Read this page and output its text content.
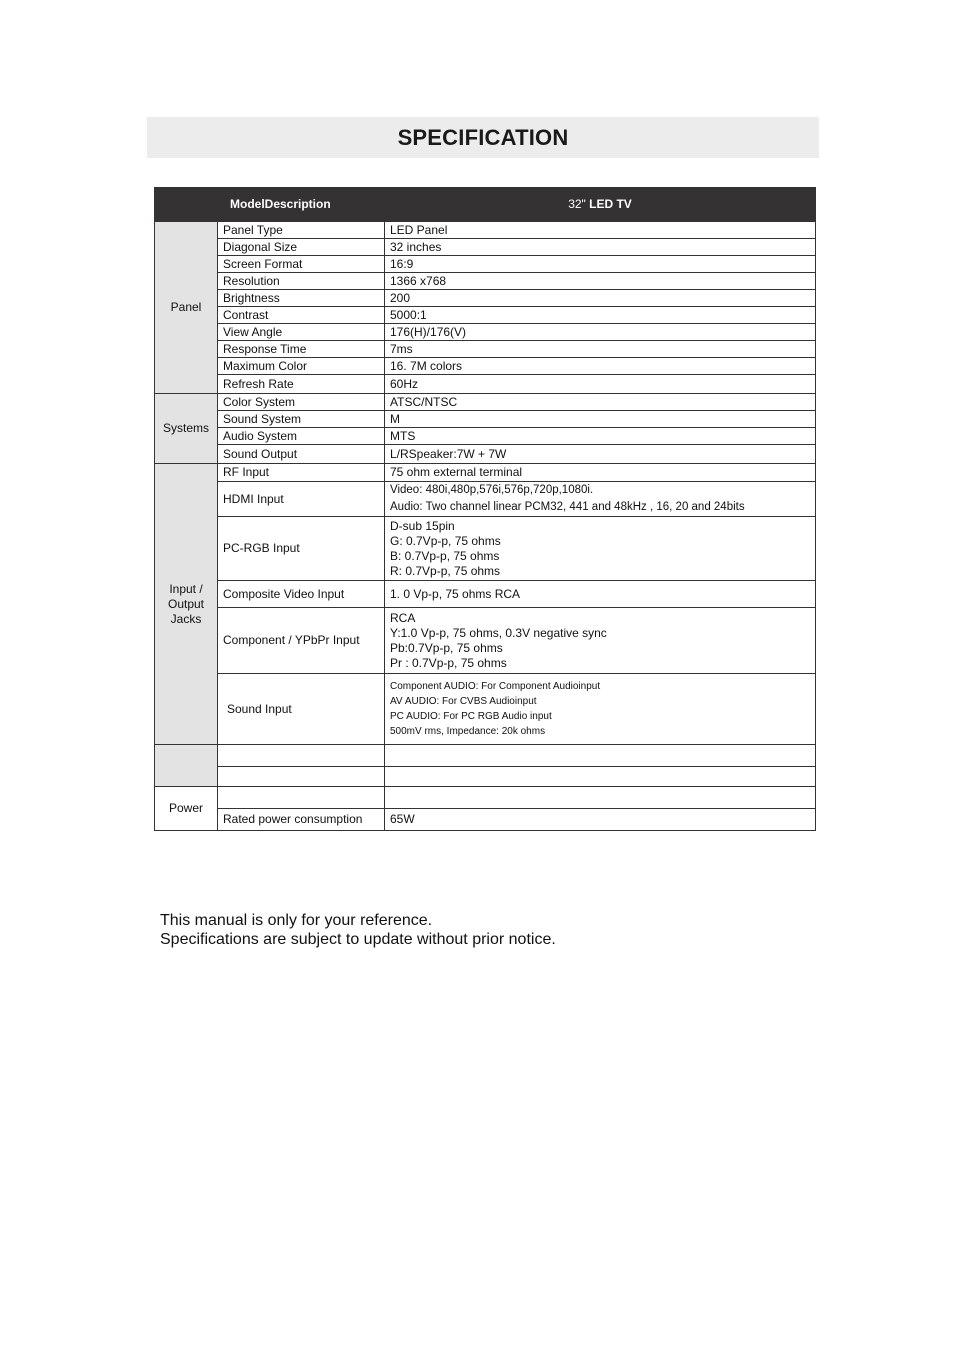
SPECIFICATION
	ModelDescription	32" LED TV
Panel	Panel Type	LED Panel
	Diagonal Size	32 inches
	Screen Format	16:9
	Resolution	1366 x768
	Brightness	200
	Contrast	5000:1
	View Angle	176(H)/176(V)
	Response Time	7ms
	Maximum Color	16. 7M colors
	Refresh Rate	60Hz
Systems	Color System	ATSC/NTSC
	Sound System	M
	Audio System	MTS
	Sound Output	L/RSpeaker:7W + 7W

Input /
Output
Jacks	RF Input	75 ohm external terminal
	HDMI Input	Video: 480i,480p,576i,576p,720p,1080i.
Audio: Two channel linear PCM32, 441 and 48kHz , 16, 20 and 24bits

	PC-RGB Input	D-sub 15pin
G: 0.7Vp-p, 75 ohms
B: 0.7Vp-p, 75 ohms
R: 0.7Vp-p, 75 ohms

	Composite Video Input	1. 0 Vp-p, 75 ohms RCA
	Component / YPbPr Input	RCA
Y:1.0 Vp-p, 75 ohms, 0.3V negative sync
Pb:0.7Vp-p, 75 ohms
Pr : 0.7Vp-p, 75 ohms

	Sound Input	Component AUDIO: For Component Audioinput
AV AUDIO: For CVBS Audioinput
PC AUDIO: For PC RGB Audio input
500mV rms, Impedance: 20k ohms

Power		
	Rated power consumption	65W
This manual is only for your reference.
Specifications are subject to update without prior notice.
